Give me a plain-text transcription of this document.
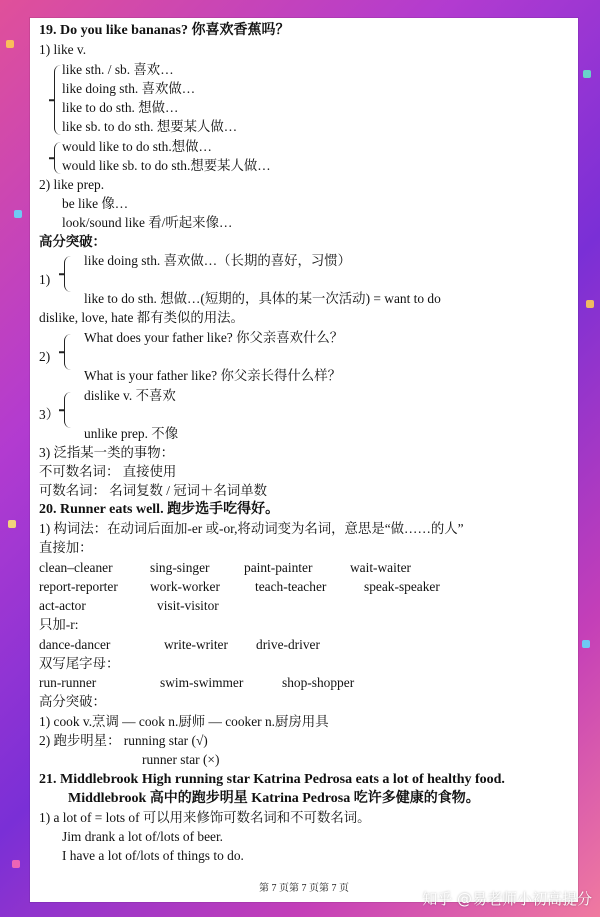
19. Do you like bananas? 你喜欢香蕉吗？
1) like v.
like sth. / sb. 喜欢…
like doing sth. 喜欢做…
like to do sth. 想做…
like sb. to do sth. 想要某人做…
would like to do sth.想做…
would like sb. to do sth.想要某人做…
2) like prep.
be like 像…
look/sound like 看/听起来像…
高分突破：
like doing sth. 喜欢做…（长期的喜好，习惯）
1)
like to do sth. 想做…(短期的，具体的某一次活动) = want to do
dislike, love, hate 都有类似的用法。
What does your father like? 你父亲喜欢什么？
2)
What is your father like? 你父亲长得什么样？
dislike v. 不喜欢
3）
unlike prep. 不像
3) 泛指某一类的事物：
不可数名词： 直接使用
可数名词： 名词复数 / 冠词＋名词单数
20. Runner eats well. 跑步选手吃得好。
1) 构词法：在动词后面加-er 或-or,将动词变为名词，意思是“做……的人”
直接加：
clean–cleaner	sing-singer	paint-painter	wait-waiter
report-reporter work-worker	teach-teacher	speak-speaker
act-actor	visit-visitor
只加-r:
dance-dancer	write-writer drive-driver
双写尾字母：
run-runner	swim-swimmer	shop-shopper
高分突破：
1) cook v.烹调 — cook n.厨师 — cooker n.厨房用具
2) 跑步明星： running star (√)
runner star (×)
21. Middlebrook High running star Katrina Pedrosa eats a lot of healthy food.
Middlebrook 高中的跑步明星 Katrina Pedrosa 吃许多健康的食物。
1) a lot of = lots of 可以用来修饰可数名词和不可数名词。
Jim drank a lot of/lots of beer.
I have a lot of/lots of things to do.
第 7 页第 7 页第 7 页
知乎 @易老师小初高提分
